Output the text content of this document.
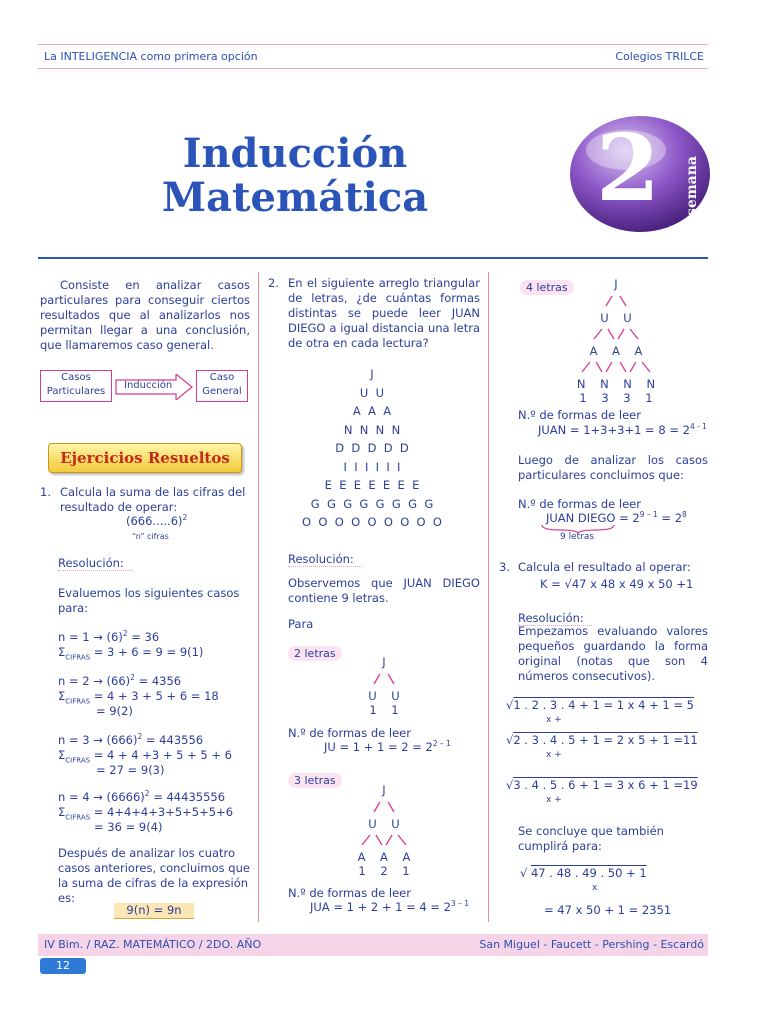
La INTELIGENCIA como primera opción	Colegios TRILCE
Inducción
Matemática	2 semana
Consiste en analizar casos particulares para conseguir ciertos resultados que al analizarlos nos permitan llegar a una conclusión, que llamaremos caso general.
Casos Particulares
Inducción
Caso General
Ejercicios Resueltos
1. Calcula la suma de las cifras del resultado de operar:
$(666.....6)^2$
“n” cifras
Resolución:
Evaluemos los siguientes casos para:
$n = 1 \to (6)^2 = 36$
$\Sigma_{CIFRAS} = 3 + 6 = 9 = 9(1)$
$n = 2 \to (66)^2 = 4356$
$\Sigma_{CIFRAS} = 4 + 3 + 5 + 6 = 18$
= 9(2)
$n = 3 \to (666)^2 = 443556$
$\Sigma_{CIFRAS} = 4 + 4 +3 + 5 + 5 + 6$
= 27 = 9(3)
$n = 4 \to (6666)^2 = 44435556$
$\Sigma_{CIFRAS} = 4+4+4+3+5+5+5+6$
= 36 = 9(4)
Después de analizar los cuatro casos anteriores, concluimos que la suma de cifras de la expresión es:
9(n) = 9n
2. En el siguiente arreglo triangular de letras, ¿de cuántas formas distintas se puede leer JUAN DIEGO a igual distancia una letra de otra en cada lectura?
J
U  U
A  A  A
N  N  N  N
D  D  D  D  D
I  I  I  I  I  I
E  E  E  E  E  E  E
G  G  G  G  G  G  G  G
O  O  O  O  O  O  O  O  O
Resolución:
Observemos que JUAN DIEGO contiene 9 letras.
Para
2 letras
J
U    U
1    1
N.º de formas de leer
JU = $1 + 1 = 2 = 2^{2 - 1}$
3 letras
J
U    U
A    A    A
1    2    1
N.º de formas de leer
JUA = $1 + 2 + 1 = 4 = 2^{3 - 1}$
4 letras	J
U    U
A    A    A
N    N    N    N
1    3    3    1
N.º de formas de leer
JUAN = $1+3+3+1 = 8 = 2^{4 - 1}$
Luego de analizar los casos particulares concluimos que:
N.º de formas de leer
JUAN DIEGO = $2^{9 - 1} = 2^8$
9 letras
3. Calcula el resultado al operar:
K = √47 x 48 x 49 x 50 +1
Resolución:
Empezamos evaluando valores pequeños guardando la forma original (notas que son 4 números consecutivos).
√1 . 2 . 3 . 4 + 1 = 1 x 4 + 1 = 5
x +
√2 . 3 . 4 . 5 + 1 = 2 x 5 + 1 =11
x +
√3 . 4 . 5 . 6 + 1 = 3 x 6 + 1 =19
x +
Se concluye que también cumplirá para:
√ 47 . 48 . 49 . 50 + 1
x
= 47 x 50 + 1 = 2351
IV Bim. / RAZ. MATEMÁTICO / 2DO. AÑO	San Miguel - Faucett - Pershing - Escardó
12
